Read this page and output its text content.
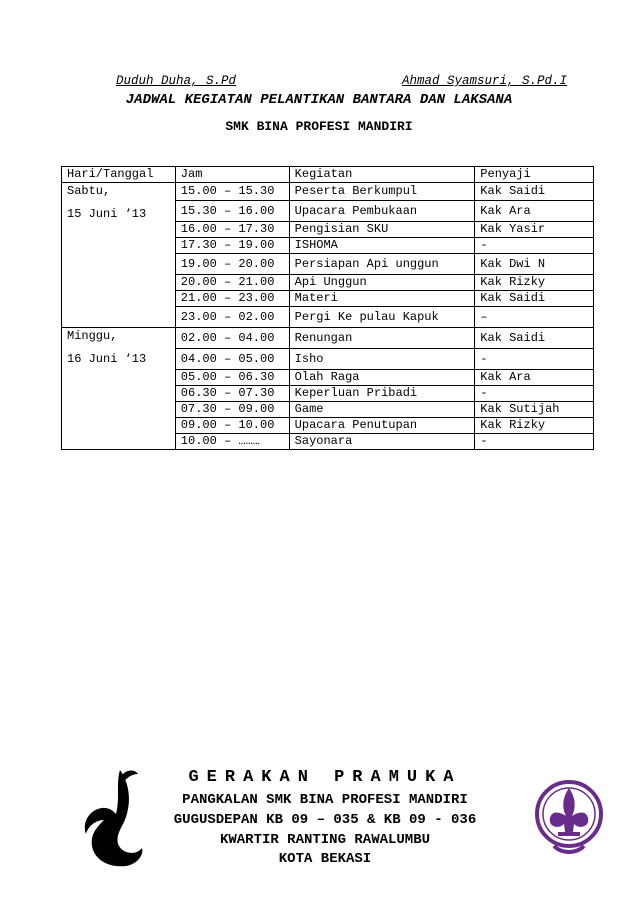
Duduh Duha, S.Pd	Ahmad Syamsuri, S.Pd.I
JADWAL KEGIATAN PELANTIKAN BANTARA DAN LAKSANA
SMK BINA PROFESI MANDIRI
Hari/Tanggal	Jam	Kegiatan	Penyaji

Sabtu,
15 Juni ‘13	15.00 – 15.30	Peserta Berkumpul	Kak Saidi
	15.30 – 16.00	Upacara Pembukaan	Kak Ara
	16.00 – 17.30	Pengisian SKU	Kak Yasir
	17.30 – 19.00	ISHOMA	-
	19.00 – 20.00	Persiapan Api unggun	Kak Dwi N
	20.00 – 21.00	Api Unggun	Kak Rizky
	21.00 – 23.00	Materi	Kak Saidi
	23.00 – 02.00	Pergi Ke pulau Kapuk	–

Minggu,
16 Juni ‘13	02.00 – 04.00	Renungan	Kak Saidi
	04.00 – 05.00	Isho	-
	05.00 – 06.30	Olah Raga	Kak Ara
	06.30 – 07.30	Keperluan Pribadi	-
	07.30 – 09.00	Game	Kak Sutijah
	09.00 – 10.00	Upacara Penutupan	Kak Rizky
	10.00 – ………	Sayonara	-
GERAKAN PRAMUKA
PANGKALAN SMK BINA PROFESI MANDIRI
GUGUSDEPAN KB 09 – 035 & KB 09 - 036
KWARTIR RANTING RAWALUMBU
KOTA BEKASI
